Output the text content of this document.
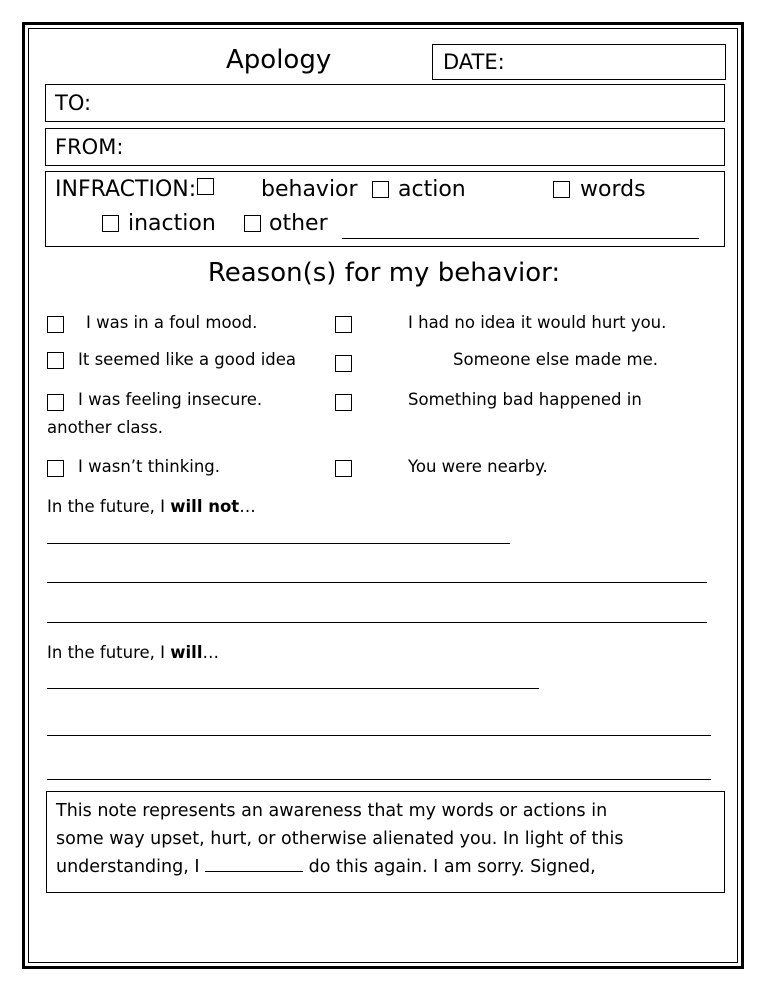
Apology	DATE:
TO:
FROM:
INFRACTION:	behavior action	words
inaction other
Reason(s) for my behavior:
I was in a foul mood.	I had no idea it would hurt you.
It seemed like a good idea	Someone else made me.
I was feeling insecure.
another class.
Something bad happened in
I wasn’t thinking.	You were nearby.
In the future, I will not…
In the future, I will…
This note represents an awareness that my words or actions in
some way upset, hurt, or otherwise alienated you. In light of this
understanding, I	do this again. I am sorry. Signed,
